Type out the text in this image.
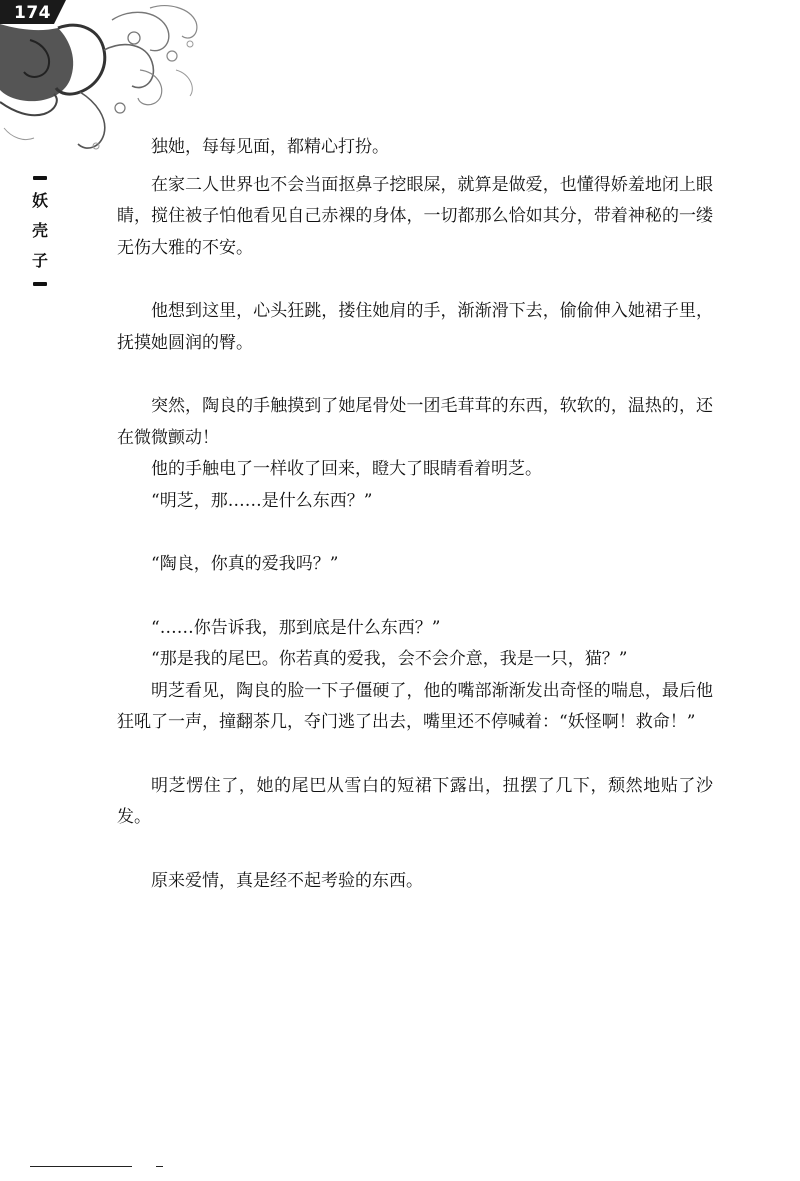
174
妖
壳
子

独她，每每见面，都精心打扮。

在家二人世界也不会当面抠鼻子挖眼屎，就算是做爱，也懂得娇羞地闭上眼睛，搅住被子怕他看见自己赤裸的身体，一切都那么恰如其分，带着神秘的一缕无伤大雅的不安。

他想到这里，心头狂跳，搂住她肩的手，渐渐滑下去，偷偷伸入她裙子里，抚摸她圆润的臀。

突然，陶良的手触摸到了她尾骨处一团毛茸茸的东西，软软的，温热的，还在微微颤动！

他的手触电了一样收了回来，瞪大了眼睛看着明芝。

“明芝，那……是什么东西？”

“陶良，你真的爱我吗？”

“……你告诉我，那到底是什么东西？”

“那是我的尾巴。你若真的爱我，会不会介意，我是一只，猫？”

明芝看见，陶良的脸一下子僵硬了，他的嘴部渐渐发出奇怪的喘息，最后他狂吼了一声，撞翻茶几，夺门逃了出去，嘴里还不停喊着：“妖怪啊！救命！”

明芝愣住了，她的尾巴从雪白的短裙下露出，扭摆了几下，颓然地贴了沙发。

原来爱情，真是经不起考验的东西。
